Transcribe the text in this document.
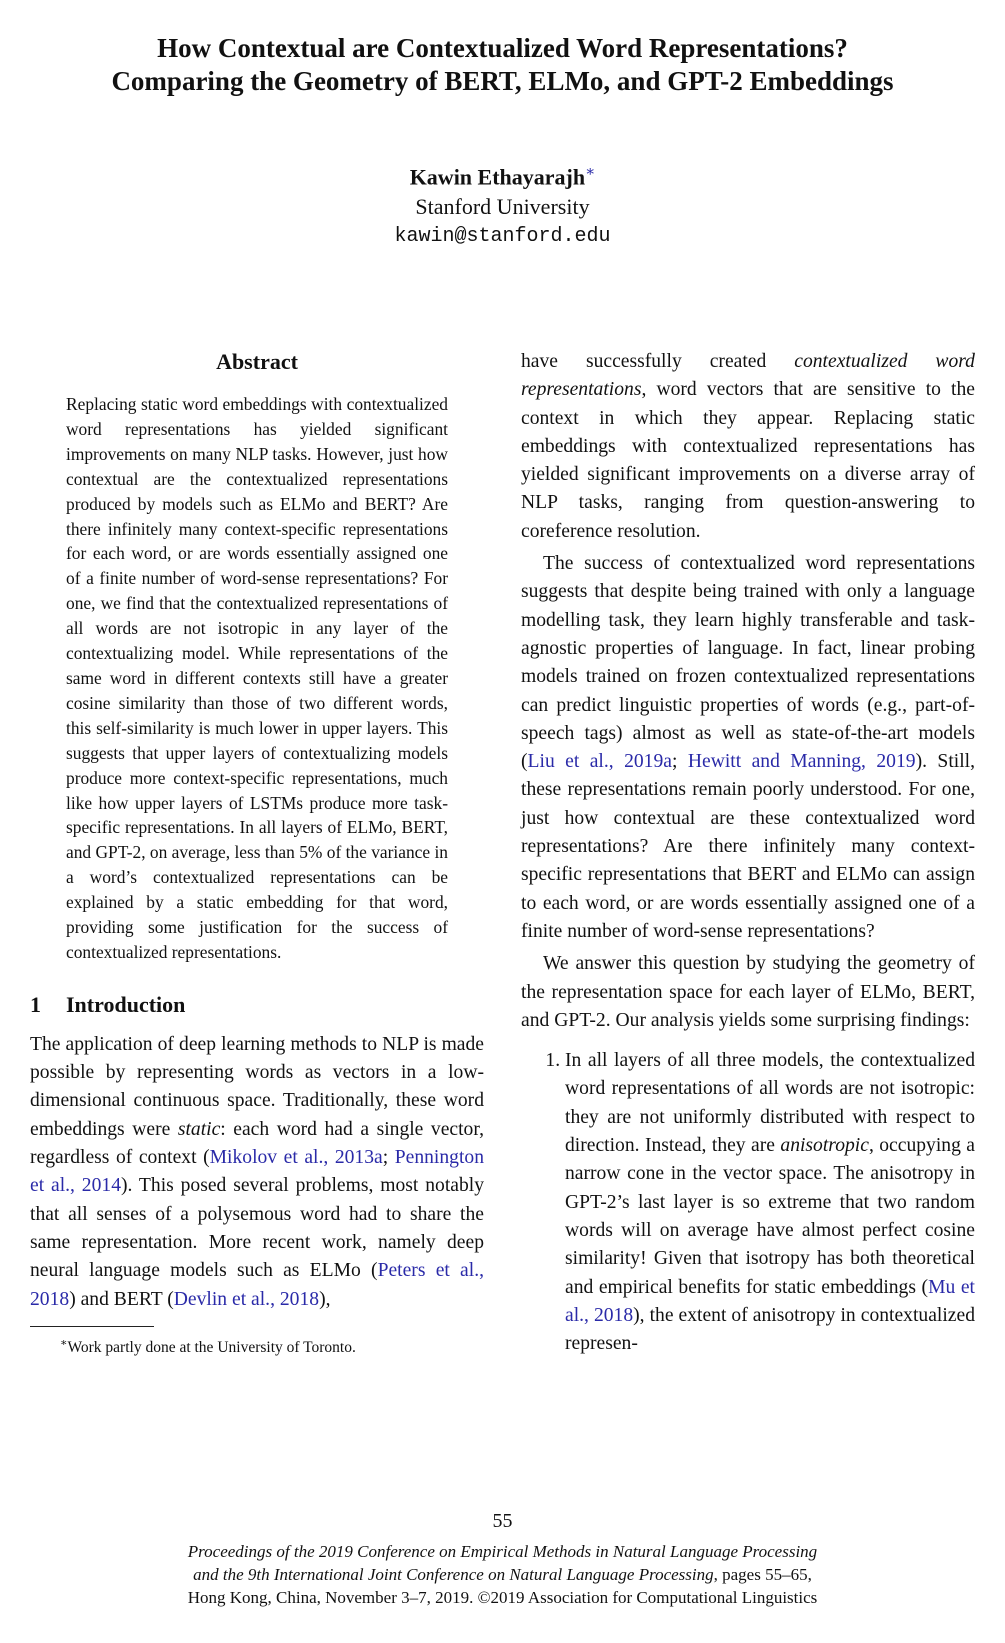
How Contextual are Contextualized Word Representations?
Comparing the Geometry of BERT, ELMo, and GPT-2 Embeddings
Kawin Ethayarajh∗
Stanford University
kawin@stanford.edu
Abstract
Replacing static word embeddings with contextualized word representations has yielded significant improvements on many NLP tasks. However, just how contextual are the contextualized representations produced by models such as ELMo and BERT? Are there infinitely many context-specific representations for each word, or are words essentially assigned one of a finite number of word-sense representations? For one, we find that the contextualized representations of all words are not isotropic in any layer of the contextualizing model. While representations of the same word in different contexts still have a greater cosine similarity than those of two different words, this self-similarity is much lower in upper layers. This suggests that upper layers of contextualizing models produce more context-specific representations, much like how upper layers of LSTMs produce more task-specific representations. In all layers of ELMo, BERT, and GPT-2, on average, less than 5% of the variance in a word’s contextualized representations can be explained by a static embedding for that word, providing some justification for the success of contextualized representations.
1 Introduction

The application of deep learning methods to NLP is made possible by representing words as vectors in a low-dimensional continuous space. Traditionally, these word embeddings were static: each word had a single vector, regardless of context (Mikolov et al., 2013a; Pennington et al., 2014). This posed several problems, most notably that all senses of a polysemous word had to share the same representation. More recent work, namely deep neural language models such as ELMo (Peters et al., 2018) and BERT (Devlin et al., 2018),

∗Work partly done at the University of Toronto.

have successfully created contextualized word representations, word vectors that are sensitive to the context in which they appear. Replacing static embeddings with contextualized representations has yielded significant improvements on a diverse array of NLP tasks, ranging from question-answering to coreference resolution.

The success of contextualized word representations suggests that despite being trained with only a language modelling task, they learn highly transferable and task-agnostic properties of language. In fact, linear probing models trained on frozen contextualized representations can predict linguistic properties of words (e.g., part-of-speech tags) almost as well as state-of-the-art models (Liu et al., 2019a; Hewitt and Manning, 2019). Still, these representations remain poorly understood. For one, just how contextual are these contextualized word representations? Are there infinitely many context-specific representations that BERT and ELMo can assign to each word, or are words essentially assigned one of a finite number of word-sense representations?

We answer this question by studying the geometry of the representation space for each layer of ELMo, BERT, and GPT-2. Our analysis yields some surprising findings:

1. In all layers of all three models, the contextualized word representations of all words are not isotropic: they are not uniformly distributed with respect to direction. Instead, they are anisotropic, occupying a narrow cone in the vector space. The anisotropy in GPT-2’s last layer is so extreme that two random words will on average have almost perfect cosine similarity! Given that isotropy has both theoretical and empirical benefits for static embeddings (Mu et al., 2018), the extent of anisotropy in contextualized represen-
55
Proceedings of the 2019 Conference on Empirical Methods in Natural Language Processing
and the 9th International Joint Conference on Natural Language Processing, pages 55–65,
Hong Kong, China, November 3–7, 2019. ©2019 Association for Computational Linguistics
